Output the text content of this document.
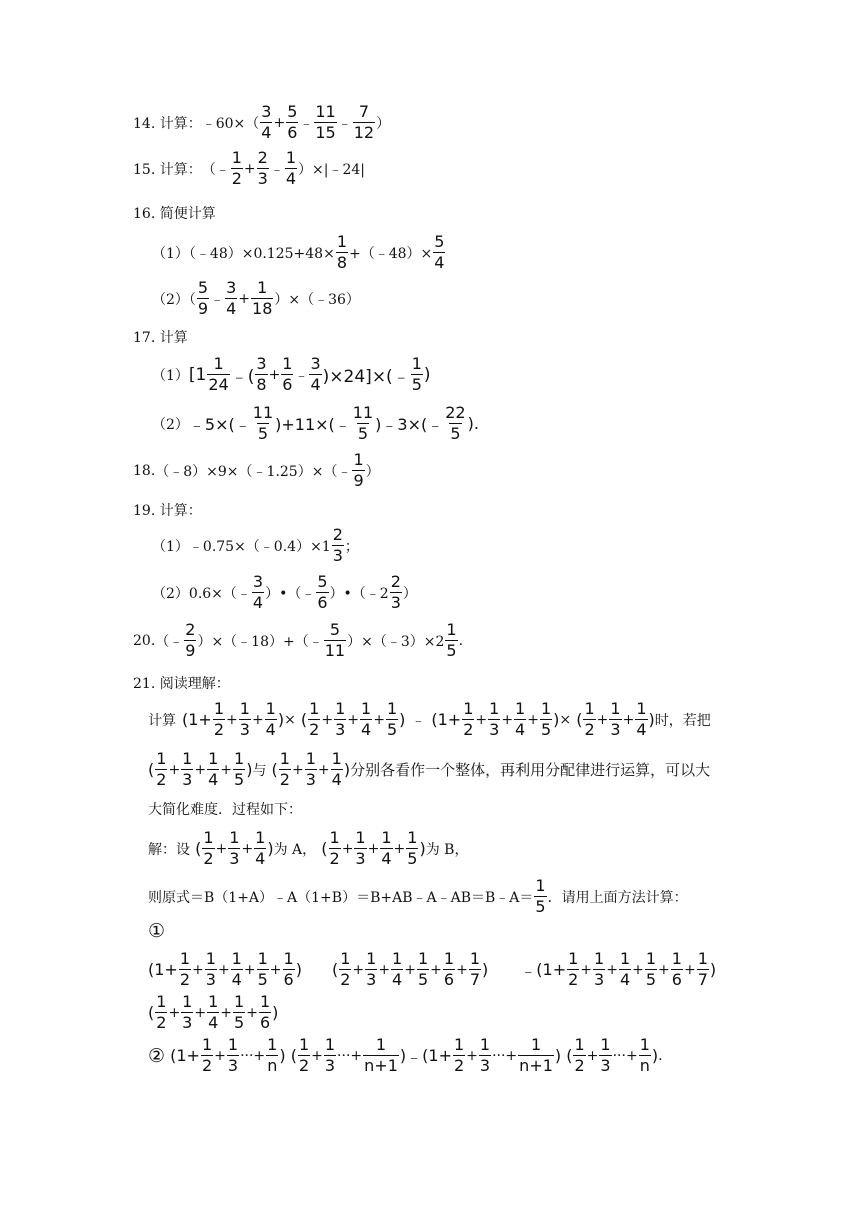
14. 计算： ﹣60×（ $\frac{3}{4} + \frac{5}{6}$ ﹣ $\frac{11}{15}$ ﹣ $\frac{7}{12}$ ）
15. 计算： （﹣ $\frac{1}{2} + \frac{2}{3}$ ﹣ $\frac{1}{4}$ ）×|﹣24|
16. 简便计算
（1）（﹣48）×0.125+48× $\frac{1}{8}$ +（﹣48）× $\frac{5}{4}$
$(2)( \frac{5}{9}$ ﹣ $\frac{3}{4} + \frac{1}{18}$ ）×（﹣36）
17. 计算
（1） [$1 \frac{1}{24}$ ﹣( $\frac{3}{8} + \frac{1}{6}$ ﹣ $\frac{3}{4}$ )×24]×(﹣ $\frac{1}{5}$ )
（2） ﹣5×(﹣ $\frac{11}{5}$ )+11×(﹣ $\frac{11}{5}$ )﹣3×(﹣ $\frac{22}{5}$ ).
18. （﹣8）×9×（﹣1.25）×（﹣ $\frac{1}{9}$ ）
19. 计算：
（1）﹣0.75×（﹣0.4）×1 $\frac{2}{3}$ ；
（2）0.6×（﹣ $\frac{3}{4}$ ）•（﹣ $\frac{5}{6}$ ）•（﹣2 $\frac{2}{3}$ ）
20. （﹣ $\frac{2}{9}$ ）×（﹣18）+（﹣ $\frac{5}{11}$ ）×（﹣3）×2 $\frac{1}{5}$ .
21. 阅读理解：
计算 ($1+ \frac{1}{2} + \frac{1}{3} + \frac{1}{4}$ ) × ( $\frac{1}{2} + \frac{1}{3} + \frac{1}{4} + \frac{1}{5}$ ) ﹣ ($1+ \frac{1}{2} + \frac{1}{3} + \frac{1}{4} + \frac{1}{5}$ ) × ( $\frac{1}{2} + \frac{1}{3} + \frac{1}{4}$ ) 时，若把
( $\frac{1}{2} + \frac{1}{3} + \frac{1}{4} + \frac{1}{5}$ ) 与 ( $\frac{1}{2} + \frac{1}{3} + \frac{1}{4}$ ) 分别各看作一个整体，再利用分配律进行运算，可以大
大简化难度．过程如下：
解：设 ( $\frac{1}{2} + \frac{1}{3} + \frac{1}{4}$ ) 为 A， ( $\frac{1}{2} + \frac{1}{3} + \frac{1}{4} + \frac{1}{5}$ ) 为 B，
则原式＝B（1+A）﹣A（1+B）＝B+AB﹣A﹣AB＝B﹣A＝ $\frac{1}{5}$ ．请用上面方法计算：
①
($1+ \frac{1}{2} + \frac{1}{3} + \frac{1}{4} + \frac{1}{5} + \frac{1}{6}$ ) ( $\frac{1}{2} + \frac{1}{3} + \frac{1}{4} + \frac{1}{5} + \frac{1}{6} + \frac{1}{7}$ ) ﹣ ($1+ \frac{1}{2} + \frac{1}{3} + \frac{1}{4} + \frac{1}{5} + \frac{1}{6} + \frac{1}{7}$ )
( $\frac{1}{2} + \frac{1}{3} + \frac{1}{4} + \frac{1}{5} + \frac{1}{6}$ )
② ($1+ \frac{1}{2} + \frac{1}{3}$ ···+ $\frac{1}{n}$ ) ( $\frac{1}{2} + \frac{1}{3}$ ···+ $\frac{1}{n+1}$ ) ﹣ ($1+ \frac{1}{2} + \frac{1}{3}$ ···+ $\frac{1}{n+1}$ ) ( $\frac{1}{2} + \frac{1}{3}$ ···+ $\frac{1}{n}$ ) .
